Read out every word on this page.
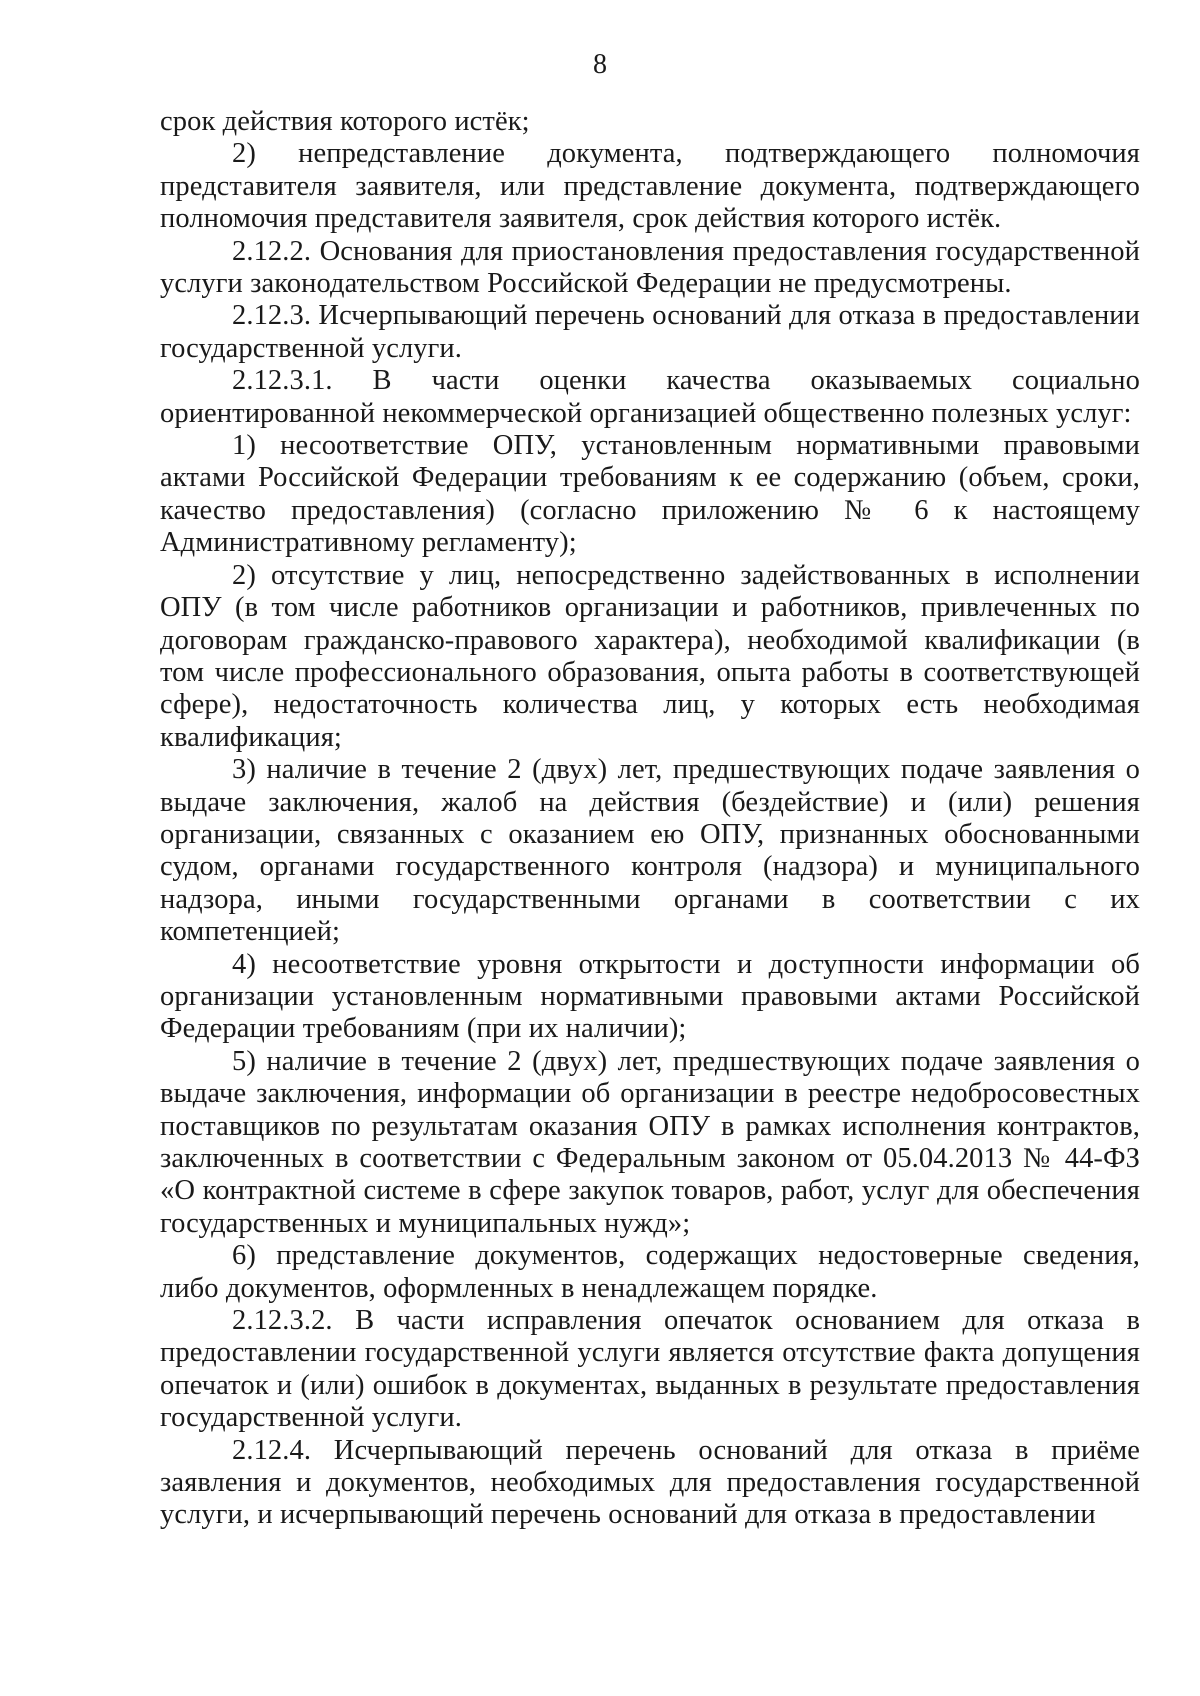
8

срок действия которого истёк;

2) непредставление документа, подтверждающего полномочия представителя заявителя, или представление документа, подтверждающего полномочия представителя заявителя, срок действия которого истёк.

2.12.2. Основания для приостановления предоставления государственной услуги законодательством Российской Федерации не предусмотрены.

2.12.3. Исчерпывающий перечень оснований для отказа в предоставлении государственной услуги.

2.12.3.1. В части оценки качества оказываемых социально ориентированной некоммерческой организацией общественно полезных услуг:

1) несоответствие ОПУ, установленным нормативными правовыми актами Российской Федерации требованиям к ее содержанию (объем, сроки, качество предоставления) (согласно приложению № 6 к настоящему Административному регламенту);

2) отсутствие у лиц, непосредственно задействованных в исполнении ОПУ (в том числе работников организации и работников, привлеченных по договорам гражданско-правового характера), необходимой квалификации (в том числе профессионального образования, опыта работы в соответствующей сфере), недостаточность количества лиц, у которых есть необходимая квалификация;

3) наличие в течение 2 (двух) лет, предшествующих подаче заявления о выдаче заключения, жалоб на действия (бездействие) и (или) решения организации, связанных с оказанием ею ОПУ, признанных обоснованными судом, органами государственного контроля (надзора) и муниципального надзора, иными государственными органами в соответствии с их компетенцией;

4) несоответствие уровня открытости и доступности информации об организации установленным нормативными правовыми актами Российской Федерации требованиям (при их наличии);

5) наличие в течение 2 (двух) лет, предшествующих подаче заявления о выдаче заключения, информации об организации в реестре недобросовестных поставщиков по результатам оказания ОПУ в рамках исполнения контрактов, заключенных в соответствии с Федеральным законом от 05.04.2013 № 44-ФЗ «О контрактной системе в сфере закупок товаров, работ, услуг для обеспечения государственных и муниципальных нужд»;

6) представление документов, содержащих недостоверные сведения, либо документов, оформленных в ненадлежащем порядке.

2.12.3.2. В части исправления опечаток основанием для отказа в предоставлении государственной услуги является отсутствие факта допущения опечаток и (или) ошибок в документах, выданных в результате предоставления государственной услуги.

2.12.4. Исчерпывающий перечень оснований для отказа в приёме заявления и документов, необходимых для предоставления государственной услуги, и исчерпывающий перечень оснований для отказа в предоставлении
